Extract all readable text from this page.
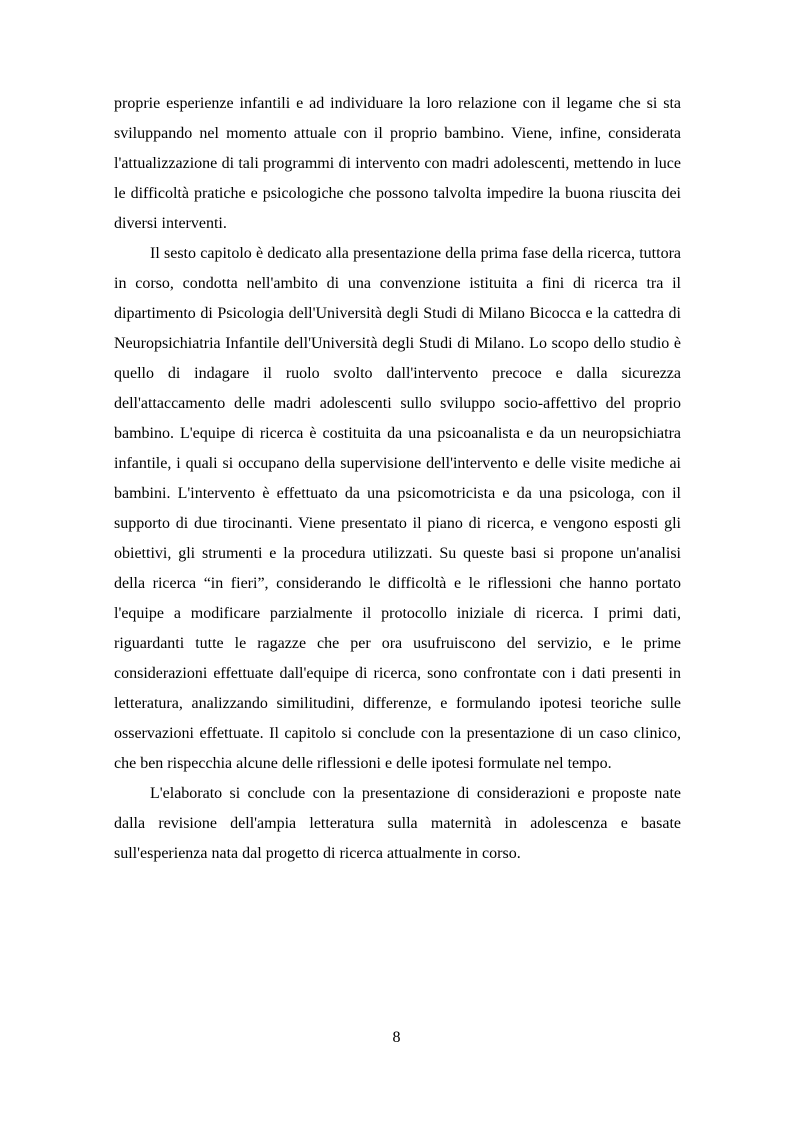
proprie esperienze infantili e ad individuare la loro relazione con il legame che si sta sviluppando nel momento attuale con il proprio bambino. Viene, infine, considerata l'attualizzazione di tali programmi di intervento con madri adolescenti, mettendo in luce le difficoltà pratiche e psicologiche che possono talvolta impedire la buona riuscita dei diversi interventi.

Il sesto capitolo è dedicato alla presentazione della prima fase della ricerca, tuttora in corso, condotta nell'ambito di una convenzione istituita a fini di ricerca tra il dipartimento di Psicologia dell'Università degli Studi di Milano Bicocca e la cattedra di Neuropsichiatria Infantile dell'Università degli Studi di Milano. Lo scopo dello studio è quello di indagare il ruolo svolto dall'intervento precoce e dalla sicurezza dell'attaccamento delle madri adolescenti sullo sviluppo socio-affettivo del proprio bambino. L'equipe di ricerca è costituita da una psicoanalista e da un neuropsichiatra infantile, i quali si occupano della supervisione dell'intervento e delle visite mediche ai bambini. L'intervento è effettuato da una psicomotricista e da una psicologa, con il supporto di due tirocinanti. Viene presentato il piano di ricerca, e vengono esposti gli obiettivi, gli strumenti e la procedura utilizzati. Su queste basi si propone un'analisi della ricerca “in fieri”, considerando le difficoltà e le riflessioni che hanno portato l'equipe a modificare parzialmente il protocollo iniziale di ricerca. I primi dati, riguardanti tutte le ragazze che per ora usufruiscono del servizio, e le prime considerazioni effettuate dall'equipe di ricerca, sono confrontate con i dati presenti in letteratura, analizzando similitudini, differenze, e formulando ipotesi teoriche sulle osservazioni effettuate. Il capitolo si conclude con la presentazione di un caso clinico, che ben rispecchia alcune delle riflessioni e delle ipotesi formulate nel tempo.

L'elaborato si conclude con la presentazione di considerazioni e proposte nate dalla revisione dell'ampia letteratura sulla maternità in adolescenza e basate sull'esperienza nata dal progetto di ricerca attualmente in corso.

8
